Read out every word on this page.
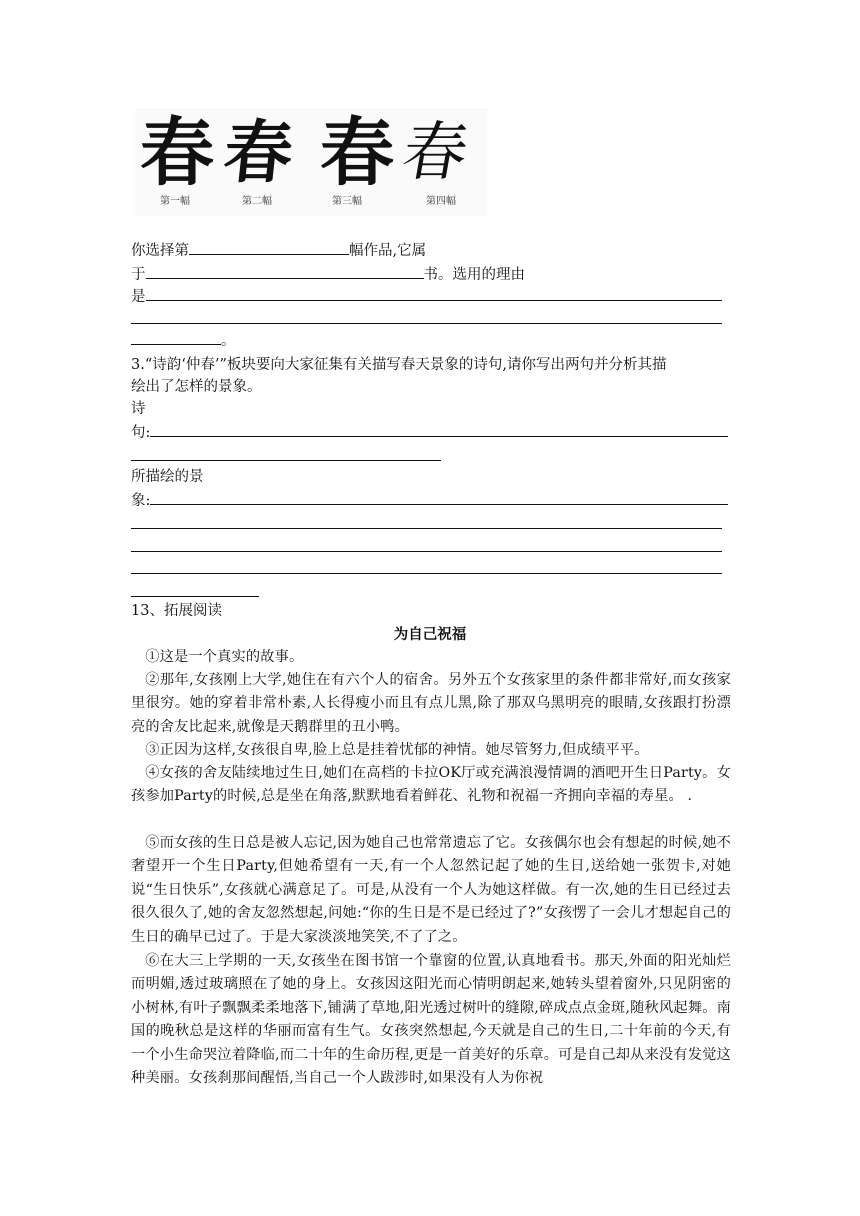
春 春 春 春
第一幅	第二幅	第三幅	第四幅
你选择第	幅作品,它属
于	书。选用的理由
是
。
3.“诗韵‘仲春’”板块要向大家征集有关描写春天景象的诗句,请你写出两句并分析其描
绘出了怎样的景象。
诗
句:
所描绘的景
象:
13、拓展阅读
为自己祝福
①这是一个真实的故事。
②那年,女孩刚上大学,她住在有六个人的宿舍。另外五个女孩家里的条件都非常好,而女孩家里很穷。她的穿着非常朴素,人长得瘦小而且有点儿黑,除了那双乌黑明亮的眼睛,女孩跟打扮漂亮的舍友比起来,就像是天鹅群里的丑小鸭。
③正因为这样,女孩很自卑,脸上总是挂着忧郁的神情。她尽管努力,但成绩平平。
④女孩的舍友陆续地过生日,她们在高档的卡拉OK厅或充满浪漫情调的酒吧开生日Party。女孩参加Party的时候,总是坐在角落,默默地看着鲜花、礼物和祝福一齐拥向幸福的寿星。 .
⑤而女孩的生日总是被人忘记,因为她自己也常常遗忘了它。女孩偶尔也会有想起的时候,她不奢望开一个生日Party,但她希望有一天,有一个人忽然记起了她的生日,送给她一张贺卡,对她说“生日快乐”,女孩就心满意足了。可是,从没有一个人为她这样做。有一次,她的生日已经过去很久很久了,她的舍友忽然想起,问她:“你的生日是不是已经过了?”女孩愣了一会儿才想起自己的生日的确早已过了。于是大家淡淡地笑笑,不了了之。
⑥在大三上学期的一天,女孩坐在图书馆一个靠窗的位置,认真地看书。那天,外面的阳光灿烂而明媚,透过玻璃照在了她的身上。女孩因这阳光而心情明朗起来,她转头望着窗外,只见阴密的小树林,有叶子飘飘柔柔地落下,铺满了草地,阳光透过树叶的缝隙,碎成点点金斑,随秋风起舞。南国的晚秋总是这样的华丽而富有生气。女孩突然想起,今天就是自己的生日,二十年前的今天,有一个小生命哭泣着降临,而二十年的生命历程,更是一首美好的乐章。可是自己却从来没有发觉这种美丽。女孩刹那间醒悟,当自己一个人跋涉时,如果没有人为你祝
